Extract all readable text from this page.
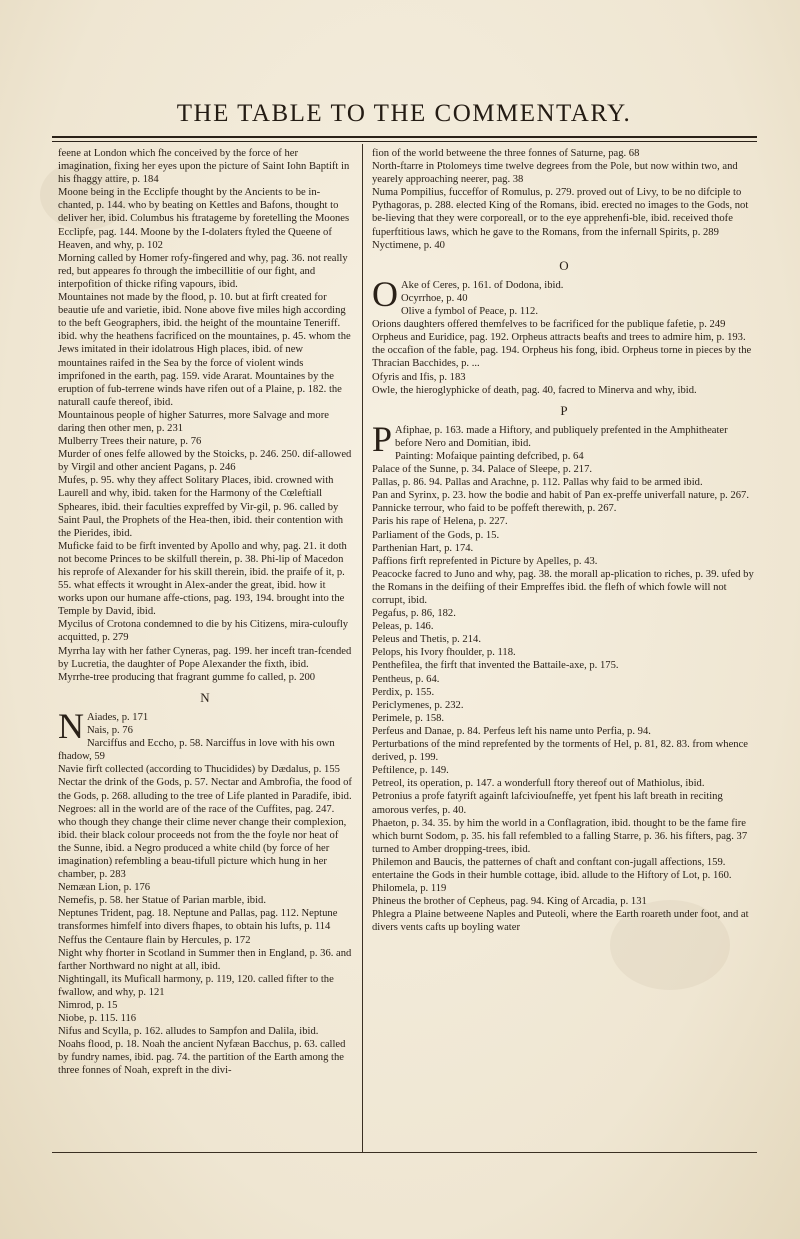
THE TABLE TO THE COMMENTARY.

feene at London which fhe conceived by the force of her imagination, fixing her eyes upon the picture of Saint Iohn Baptift in his fhaggy attire, p. 184

Moone being in the Ecclipfe thought by the Ancients to be in-chanted, p. 144. who by beating on Kettles and Bafons, thought to deliver her, ibid. Columbus his ftratageme by foretelling the Moones Ecclipfe, pag. 144. Moone by the I-dolaters ftyled the Queene of Heaven, and why, p. 102

Morning called by Homer rofy-fingered and why, pag. 36. not really red, but appeares fo through the imbecillitie of our fight, and interpofition of thicke rifing vapours, ibid.

Mountaines not made by the flood, p. 10. but at firft created for beautie ufe and varietie, ibid. None above five miles high according to the beft Geographers, ibid. the height of the mountaine Teneriff. ibid. why the heathens facrificed on the mountaines, p. 45. whom the Jews imitated in their idolatrous High places, ibid. of new mountaines raifed in the Sea by the force of violent winds imprifoned in the earth, pag. 159. vide Ararat. Mountaines by the eruption of fub-terrene winds have rifen out of a Plaine, p. 182. the naturall caufe thereof, ibid.

Mountainous people of higher Saturres, more Salvage and more daring then other men, p. 231

Mulberry Trees their nature, p. 76

Murder of ones felfe allowed by the Stoicks, p. 246. 250. dif-allowed by Virgil and other ancient Pagans, p. 246

Mufes, p. 95. why they affect Solitary Places, ibid. crowned with Laurell and why, ibid. taken for the Harmony of the Cœleftiall Spheares, ibid. their faculties expreffed by Vir-gil, p. 96. called by Saint Paul, the Prophets of the Hea-then, ibid. their contention with the Pierides, ibid.

Muficke faid to be firft invented by Apollo and why, pag. 21. it doth not become Princes to be skilfull therein, p. 38. Phi-lip of Macedon his reprofe of Alexander for his skill therein, ibid. the praife of it, p. 55. what effects it wrought in Alex-ander the great, ibid. how it works upon our humane affe-ctions, pag. 193, 194. brought into the Temple by David, ibid.

Mycilus of Crotona condemned to die by his Citizens, mira-culoufly acquitted, p. 279

Myrrha lay with her father Cyneras, pag. 199. her inceft tran-fcended by Lucretia, the daughter of Pope Alexander the fixth, ibid.

Myrrhe-tree producing that fragrant gumme fo called, p. 200

N

NAiades, p. 171

Nais, p. 76

Narciffus and Eccho, p. 58. Narciffus in love with his own fhadow, 59

Navie firft collected (according to Thucidides) by Dædalus, p. 155

Nectar the drink of the Gods, p. 57. Nectar and Ambrofia, the food of the Gods, p. 268. alluding to the tree of Life planted in Paradife, ibid.

Negroes: all in the world are of the race of the Cuffites, pag. 247. who though they change their clime never change their complexion, ibid. their black colour proceeds not from the the foyle nor heat of the Sunne, ibid. a Negro produced a white child (by force of her imagination) refembling a beau-tifull picture which hung in her chamber, p. 283

Nemæan Lion, p. 176

Nemefis, p. 58. her Statue of Parian marble, ibid.

Neptunes Trident, pag. 18. Neptune and Pallas, pag. 112. Neptune transformes himfelf into divers fhapes, to obtain his lufts, p. 114

Neffus the Centaure flain by Hercules, p. 172

Night why fhorter in Scotland in Summer then in England, p. 36. and farther Northward no night at all, ibid.

Nightingall, its Muficall harmony, p. 119, 120. called fifter to the fwallow, and why, p. 121

Nimrod, p. 15

Niobe, p. 115. 116

Nifus and Scylla, p. 162. alludes to Sampfon and Dalila, ibid.

Noahs flood, p. 18. Noah the ancient Nyfæan Bacchus, p. 63. called by fundry names, ibid. pag. 74. the partition of the Earth among the three fonnes of Noah, expreft in the divi-

fion of the world betweene the three fonnes of Saturne, pag. 68

North-ftarre in Ptolomeys time twelve degrees from the Pole, but now within two, and yearely approaching neerer, pag. 38

Numa Pompilius, fucceffor of Romulus, p. 279. proved out of Livy, to be no difciple to Pythagoras, p. 288. elected King of the Romans, ibid. erected no images to the Gods, not be-lieving that they were corporeall, or to the eye apprehenfi-ble, ibid. received thofe fuperftitious laws, which he gave to the Romans, from the infernall Spirits, p. 289

Nyctimene, p. 40

O

OAke of Ceres, p. 161. of Dodona, ibid.

Ocyrrhoe, p. 40

Olive a fymbol of Peace, p. 112.

Orions daughters offered themfelves to be facrificed for the publique fafetie, p. 249

Orpheus and Euridice, pag. 192. Orpheus attracts beafts and trees to admire him, p. 193. the occafion of the fable, pag. 194. Orpheus his fong, ibid. Orpheus torne in pieces by the Thracian Bacchides, p. ...

Ofyris and Ifis, p. 183

Owle, the hieroglyphicke of death, pag. 40, facred to Minerva and why, ibid.

P

PAfiphae, p. 163. made a Hiftory, and publiquely prefented in the Amphitheater before Nero and Domitian, ibid.

Painting: Mofaique painting defcribed, p. 64

Palace of the Sunne, p. 34. Palace of Sleepe, p. 217.

Pallas, p. 86. 94. Pallas and Arachne, p. 112. Pallas why faid to be armed ibid.

Pan and Syrinx, p. 23. how the bodie and habit of Pan ex-preffe univerfall nature, p. 267.

Pannicke terrour, who faid to be poffeft therewith, p. 267.

Paris his rape of Helena, p. 227.

Parliament of the Gods, p. 15.

Parthenian Hart, p. 174.

Paffions firft reprefented in Picture by Apelles, p. 43.

Peacocke facred to Juno and why, pag. 38. the morall ap-plication to riches, p. 39. ufed by the Romans in the deifiing of their Empreffes ibid. the flefh of which fowle will not corrupt, ibid.

Pegafus, p. 86, 182.

Peleas, p. 146.

Peleus and Thetis, p. 214.

Pelops, his Ivory fhoulder, p. 118.

Penthefilea, the firft that invented the Battaile-axe, p. 175.

Pentheus, p. 64.

Perdix, p. 155.

Periclymenes, p. 232.

Perimele, p. 158.

Perfeus and Danae, p. 84. Perfeus left his name unto Perfia, p. 94.

Perturbations of the mind reprefented by the torments of Hel, p. 81, 82. 83. from whence derived, p. 199.

Peftilence, p. 149.

Petreol, its operation, p. 147. a wonderfull ftory thereof out of Mathiolus, ibid.

Petronius a profe fatyrift againft lafciviouſneffe, yet fpent his laft breath in reciting amorous verfes, p. 40.

Phaeton, p. 34. 35. by him the world in a Conflagration, ibid. thought to be the fame fire which burnt Sodom, p. 35. his fall refembled to a falling Starre, p. 36. his fifters, pag. 37 turned to Amber dropping-trees, ibid.

Philemon and Baucis, the patternes of chaft and conftant con-jugall affections, 159. entertaine the Gods in their humble cottage, ibid. allude to the Hiftory of Lot, p. 160.

Philomela, p. 119

Phineus the brother of Cepheus, pag. 94. King of Arcadia, p. 131

Phlegra a Plaine betweene Naples and Puteoli, where the Earth roareth under foot, and at divers vents cafts up boyling water
